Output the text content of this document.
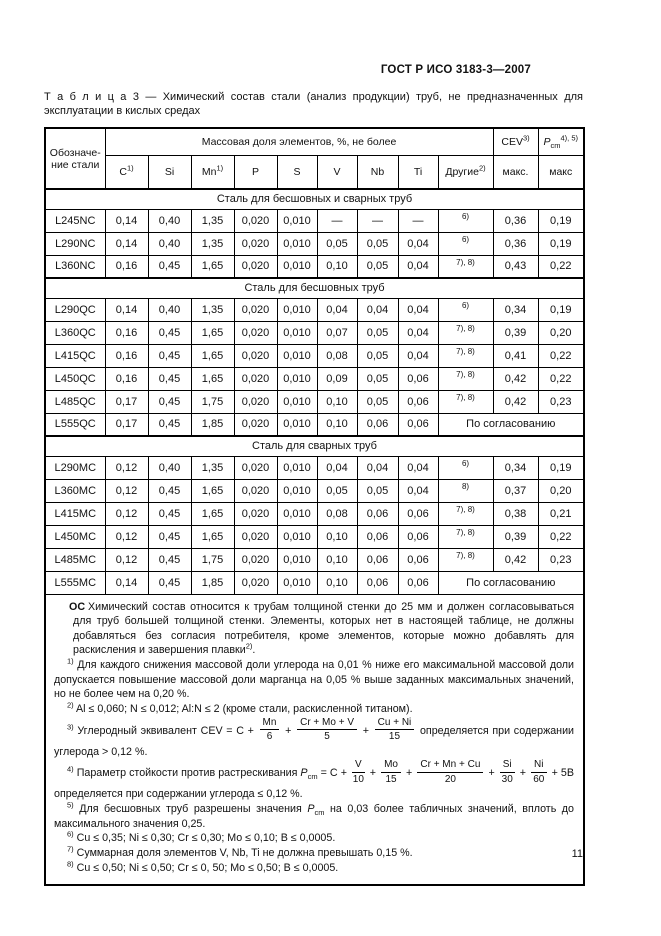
ГОСТ Р ИСО 3183-3—2007
Т а б л и ц а 3 — Химический состав стали (анализ продукции) труб, не предназначенных для эксплуатации в кислых средах
Обозначе-ние стали	Массовая доля элементов, %, не более									CEV$^{3)}$	$P_{cm}^{4), 5)}$
	$C^{1)}$	Si	Mn$^{1)}$	P	S	V	Nb	Ti	Другие$^{2)}$	макс.	макс
Сталь для бесшовных и сварных труб											
L245NC	0,14	0,40	1,35	0,020	0,010	—	—	—	6)	0,36	0,19
L290NC	0,14	0,40	1,35	0,020	0,010	0,05	0,05	0,04	6)	0,36	0,19
L360NC	0,16	0,45	1,65	0,020	0,010	0,10	0,05	0,04	7), 8)	0,43	0,22
Сталь для бесшовных труб											
L290QC	0,14	0,40	1,35	0,020	0,010	0,04	0,04	0,04	6)	0,34	0,19
L360QC	0,16	0,45	1,65	0,020	0,010	0,07	0,05	0,04	7), 8)	0,39	0,20
L415QC	0,16	0,45	1,65	0,020	0,010	0,08	0,05	0,04	7), 8)	0,41	0,22
L450QC	0,16	0,45	1,65	0,020	0,010	0,09	0,05	0,06	7), 8)	0,42	0,22
L485QC	0,17	0,45	1,75	0,020	0,010	0,10	0,05	0,06	7), 8)	0,42	0,23
L555QC	0,17	0,45	1,85	0,020	0,010	0,10	0,06	0,06	По согласованию		
Сталь для сварных труб											
L290MC	0,12	0,40	1,35	0,020	0,010	0,04	0,04	0,04	6)	0,34	0,19
L360MC	0,12	0,45	1,65	0,020	0,010	0,05	0,05	0,04	8)	0,37	0,20
L415MC	0,12	0,45	1,65	0,020	0,010	0,08	0,06	0,06	7), 8)	0,38	0,21
L450MC	0,12	0,45	1,65	0,020	0,010	0,10	0,06	0,06	7), 8)	0,39	0,22
L485MC	0,12	0,45	1,75	0,020	0,010	0,10	0,06	0,06	7), 8)	0,42	0,23
L555MC	0,14	0,45	1,85	0,020	0,010	0,10	0,06	0,06	По согласованию		

ОС Химический состав относится к трубам толщиной стенки до 25 мм и должен согласовываться для труб большей толщиной стенки. Элементы, которых нет в настоящей таблице, не должны добавляться без согласия потребителя, кроме элементов, которые можно добавлять для раскисления и завершения плавки$^{2)}$.

$^{1)}$ Для каждого снижения массовой доли углерода на 0,01 % ниже его максимальной массовой доли допускается повышение массовой доли марганца на 0,05 % выше заданных максимальных значений, но не более чем на 0,20 %.

$^{2)}$ Al ≤ 0,060; N ≤ 0,012; Al:N ≤ 2 (кроме стали, раскисленной титаном).

$^{3)}$ Углеродный эквивалент CEV = $C + \frac{Mn}{6} + \frac{Cr + Mo + V}{5} + \frac{Cu + Ni}{15}$ определяется при содержании углерода > 0,12 %.

$^{4)}$ Параметр стойкости против растрескивания $P_{cm} = C + \frac{V}{10} + \frac{Mo}{15} + \frac{Cr + Mn + Cu}{20} + \frac{Si}{30} + \frac{Ni}{60} + 5B$ определяется при содержании углерода ≤ 0,12 %.

$^{5)}$ Для бесшовных труб разрешены значения $P_{cm}$ на 0,03 более табличных значений, вплоть до максимального значения 0,25.

$^{6)}$ Cu ≤ 0,35; Ni ≤ 0,30; Cr ≤ 0,30; Mo ≤ 0,10; B ≤ 0,0005.

$^{7)}$ Суммарная доля элементов V, Nb, Ti не должна превышать 0,15 %.

$^{8)}$ Cu ≤ 0,50; Ni ≤ 0,50; Cr ≤ 0, 50; Mo ≤ 0,50; B ≤ 0,0005.

11
